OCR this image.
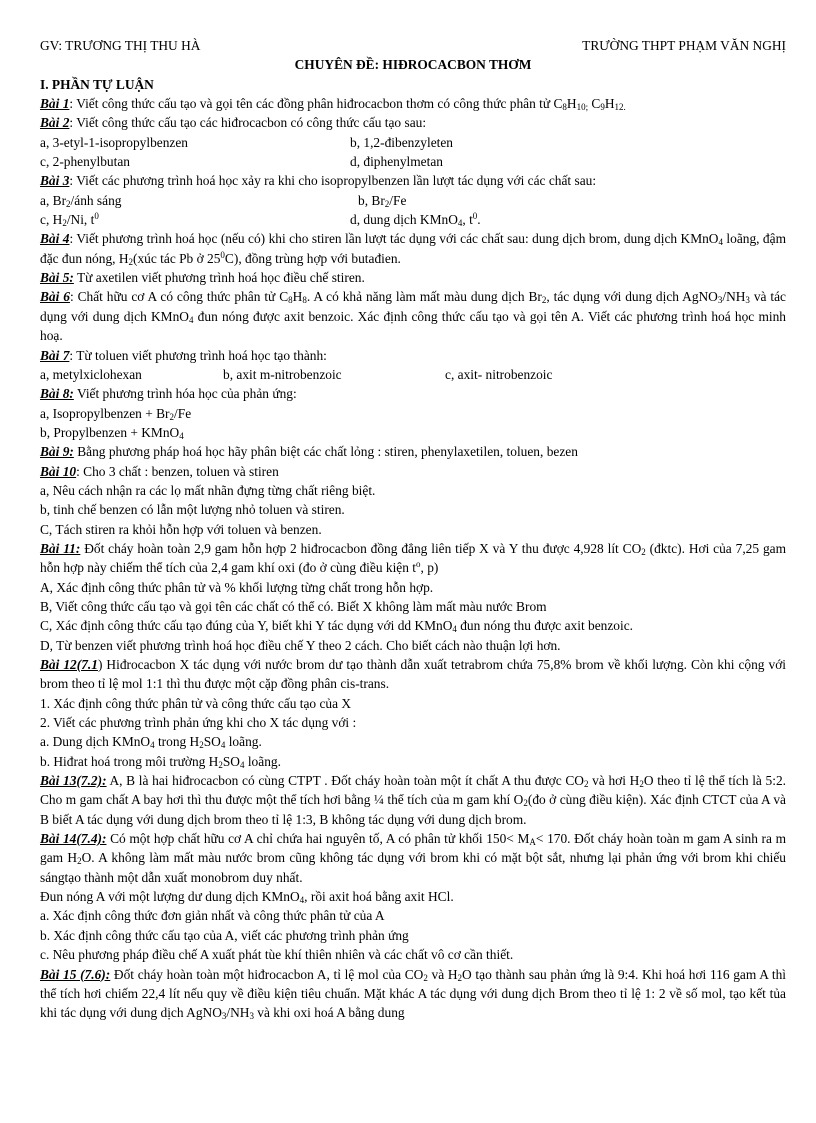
GV: TRƯƠNG THỊ THU HÀ	TRƯỜNG THPT PHẠM VĂN NGHỊ
CHUYÊN ĐỀ: HIĐROCACBON THƠM
I. PHẦN TỰ LUẬN
Bài 1: Viết công thức cấu tạo và gọi tên các đồng phân hiđrocacbon thơm có công thức phân tử $C_8H_{10;}$ $C_9H_{12.}$
Bài 2: Viết công thức cấu tạo các hiđrocacbon có công thức cấu tạo sau:
a, 3-etyl-1-isopropylbenzen	b, 1,2-đibenzyleten
c, 2-phenylbutan	d, điphenylmetan
Bài 3: Viết các phương trình hoá học xảy ra khi cho isopropylbenzen lần lượt tác dụng với các chất sau:
a, $Br_2$/ánh sáng	b, $Br_2/Fe$
c, $H_2/Ni$, $t^0$	d, dung dịch KMnO$_4$, $t^0$.
Bài 4: Viết phương trình hoá học (nếu có) khi cho stiren lần lượt tác dụng với các chất sau: dung dịch brom, dung dịch KMnO$_4$ loãng, đậm đặc đun nóng, $H_2(xúc$ tác Pb ở $25^0C$), đồng trùng hợp với butađien.
Bài 5: Từ axetilen viết phương trình hoá học điều chế stiren.
Bài 6: Chất hữu cơ A có công thức phân tử $C_8H_8$. A có khả năng làm mất màu dung dịch $Br_2$, tác dụng với dung dịch $AgNO_3/NH_3$ và tác dụng với dung dịch KMnO$_4$ đun nóng được axit benzoic. Xác định công thức cấu tạo và gọi tên A. Viết các phương trình hoá học minh hoạ.
Bài 7: Từ toluen viết phương trình hoá học tạo thành:
a, metylxiclohexan	b, axit m-nitrobenzoic	c, axit- nitrobenzoic
Bài 8: Viết phương trình hóa học của phản ứng:
a, Isopropylbenzen + $Br_2/Fe$
b, Propylbenzen + KMnO$_4$
Bài 9: Bằng phương pháp hoá học hãy phân biệt các chất lỏng : stiren, phenylaxetilen, toluen, bezen
Bài 10: Cho 3 chất : benzen, toluen và stiren
a, Nêu cách nhận ra các lọ mất nhãn đựng từng chất riêng biệt.
b, tinh chế benzen có lẫn một lượng nhỏ toluen và stiren.
C, Tách stiren ra khỏi hỗn hợp với toluen và benzen.
Bài 11: Đốt cháy hoàn toàn 2,9 gam hỗn hợp 2 hiđrocacbon đồng đẳng liên tiếp X và Y thu được 4,928 lít $CO_2$ (đktc). Hơi của 7,25 gam hỗn hợp này chiếm thể tích của 2,4 gam khí oxi (đo ở cùng điều kiện $t^o$, p)
A, Xác định công thức phân tử và % khối lượng từng chất trong hỗn hợp.
B, Viết công thức cấu tạo và gọi tên các chất có thể có. Biết X không làm mất màu nước Brom
C, Xác định công thức cấu tạo đúng của Y, biết khi Y tác dụng với dd KMnO$_4$ đun nóng thu được axit benzoic.
D, Từ benzen viết phương trình hoá học điều chế Y theo 2 cách. Cho biết cách nào thuận lợi hơn.
Bài 12(7.1) Hiđrocacbon X tác dụng với nước brom dư tạo thành dẫn xuất tetrabrom chứa 75,8% brom về khối lượng. Còn khi cộng với brom theo tỉ lệ mol 1:1 thì thu được một cặp đồng phân cis-trans.
1. Xác định công thức phân tử và công thức cấu tạo của X
2. Viết các phương trình phản ứng khi cho X tác dụng với :
a. Dung dịch KMnO$_4$ trong $H_2SO_4$ loãng.
b. Hiđrat hoá trong môi trường $H_2SO_4$ loãng.
Bài 13(7.2): A, B là hai hiđrocacbon có cùng CTPT . Đốt cháy hoàn toàn một ít chất A thu được $CO_2$ và hơi $H_2O$ theo tỉ lệ thể tích là 5:2. Cho m gam chất A bay hơi thì thu được một thể tích hơi bằng ¼ thể tích của m gam khí $O_2(đo$ ở cùng điều kiện). Xác định CTCT của A và B biết A tác dụng với dung dịch brom theo tỉ lệ 1:3, B không tác dụng với dung dịch brom.
Bài 14(7.4): Có một hợp chất hữu cơ A chỉ chứa hai nguyên tố, A có phân tử khối $150< M_A< 170$. Đốt cháy hoàn toàn m gam A sinh ra m gam $H_2O$. A không làm mất màu nước brom cũng không tác dụng với brom khi có mặt bột sắt, nhưng lại phản ứng với brom khi chiếu sángtạo thành một dẫn xuất monobrom duy nhất.
Đun nóng A với một lượng dư dung dịch KMnO$_4$, rồi axit hoá bằng axit HCl.
a. Xác định công thức đơn giản nhất và công thức phân tử của A
b. Xác định công thức cấu tạo của A, viết các phương trình phản ứng
c. Nêu phương pháp điều chế A xuất phát tùe khí thiên nhiên và các chất vô cơ cần thiết.
Bài 15 (7.6): Đốt cháy hoàn toàn một hiđrocacbon A, tỉ lệ mol của $CO_2$ và $H_2O$ tạo thành sau phản ứng là 9:4. Khi hoá hơi 116 gam A thì thể tích hơi chiếm 22,4 lít nếu quy về điều kiện tiêu chuẩn. Mặt khác A tác dụng với dung dịch Brom theo tỉ lệ 1: 2 về số mol, tạo kết tủa khi tác dụng với dung dịch $AgNO_3/NH_3$ và khi oxi hoá A bằng dung
